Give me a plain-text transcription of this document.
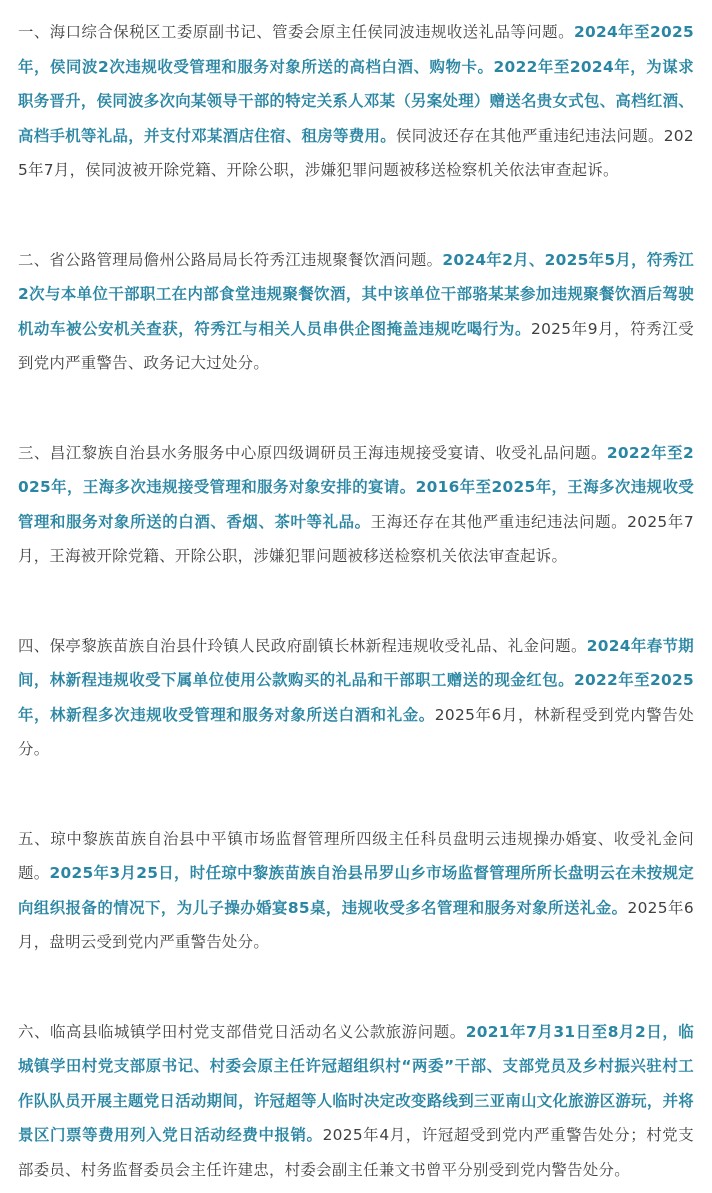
一、海口综合保税区工委原副书记、管委会原主任侯同波违规收送礼品等问题。2024年至2025年，侯同波2次违规收受管理和服务对象所送的高档白酒、购物卡。2022年至2024年，为谋求职务晋升，侯同波多次向某领导干部的特定关系人邓某（另案处理）赠送名贵女式包、高档红酒、高档手机等礼品，并支付邓某酒店住宿、租房等费用。侯同波还存在其他严重违纪违法问题。2025年7月，侯同波被开除党籍、开除公职，涉嫌犯罪问题被移送检察机关依法审查起诉。

二、省公路管理局儋州公路局局长符秀江违规聚餐饮酒问题。2024年2月、2025年5月，符秀江2次与本单位干部职工在内部食堂违规聚餐饮酒，其中该单位干部骆某某参加违规聚餐饮酒后驾驶机动车被公安机关查获，符秀江与相关人员串供企图掩盖违规吃喝行为。2025年9月，符秀江受到党内严重警告、政务记大过处分。

三、昌江黎族自治县水务服务中心原四级调研员王海违规接受宴请、收受礼品问题。2022年至2025年，王海多次违规接受管理和服务对象安排的宴请。2016年至2025年，王海多次违规收受管理和服务对象所送的白酒、香烟、茶叶等礼品。王海还存在其他严重违纪违法问题。2025年7月，王海被开除党籍、开除公职，涉嫌犯罪问题被移送检察机关依法审查起诉。

四、保亭黎族苗族自治县什玲镇人民政府副镇长林新程违规收受礼品、礼金问题。2024年春节期间，林新程违规收受下属单位使用公款购买的礼品和干部职工赠送的现金红包。2022年至2025年，林新程多次违规收受管理和服务对象所送白酒和礼金。2025年6月，林新程受到党内警告处分。

五、琼中黎族苗族自治县中平镇市场监督管理所四级主任科员盘明云违规操办婚宴、收受礼金问题。2025年3月25日，时任琼中黎族苗族自治县吊罗山乡市场监督管理所所长盘明云在未按规定向组织报备的情况下，为儿子操办婚宴85桌，违规收受多名管理和服务对象所送礼金。2025年6月，盘明云受到党内严重警告处分。

六、临高县临城镇学田村党支部借党日活动名义公款旅游问题。2021年7月31日至8月2日，临城镇学田村党支部原书记、村委会原主任许冠超组织村“两委”干部、支部党员及乡村振兴驻村工作队队员开展主题党日活动期间，许冠超等人临时决定改变路线到三亚南山文化旅游区游玩，并将景区门票等费用列入党日活动经费中报销。2025年4月，许冠超受到党内严重警告处分；村党支部委员、村务监督委员会主任许建忠，村委会副主任兼文书曾平分别受到党内警告处分。
